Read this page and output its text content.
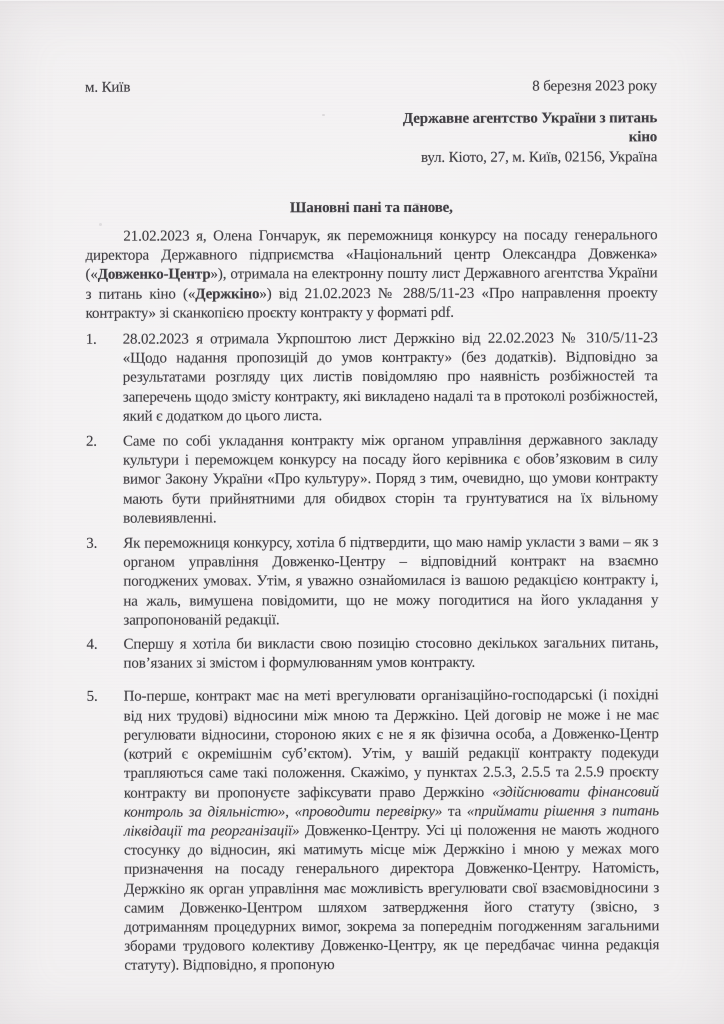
м. Київ	8 березня 2023 року
Державне агентство України з питань
кіно
вул. Кіото, 27, м. Київ, 02156, Україна
Шановні пані та панове,

21.02.2023 я, Олена Гончарук, як переможниця конкурсу на посаду генерального директора Державного підприємства «Національний центр Олександра Довженка» («Довженко-Центр»), отримала на електронну пошту лист Державного агентства України з питань кіно («Держкіно») від 21.02.2023 № 288/5/11-23 «Про направлення проекту контракту» зі сканкопією проєкту контракту у форматі pdf.

1.	28.02.2023 я отримала Укрпоштою лист Держкіно від 22.02.2023 № 310/5/11-23 «Щодо надання пропозицій до умов контракту» (без додатків). Відповідно за результатами розгляду цих листів повідомляю про наявність розбіжностей та заперечень щодо змісту контракту, які викладено надалі та в протоколі розбіжностей, який є додатком до цього листа.
2.	Саме по собі укладання контракту між органом управління державного закладу культури і переможцем конкурсу на посаду його керівника є обов’язковим в силу вимог Закону України «Про культуру». Поряд з тим, очевидно, що умови контракту мають бути прийнятними для обидвох сторін та грунтуватися на їх вільному волевиявленні.
3.	Як переможниця конкурсу, хотіла б підтвердити, що маю намір укласти з вами – як з органом управління Довженко-Центру – відповідний контракт на взаємно погоджених умовах. Утім, я уважно ознайомилася із вашою редакцією контракту і, на жаль, вимушена повідомити, що не можу погодитися на його укладання у запропонованій редакції.
4.	Спершу я хотіла би викласти свою позицію стосовно декількох загальних питань, пов’язаних зі змістом і формулюванням умов контракту.
5.	По-перше, контракт має на меті врегулювати організаційно-господарські (і похідні від них трудові) відносини між мною та Держкіно. Цей договір не може і не має регулювати відносини, стороною яких є не я як фізична особа, а Довженко-Центр (котрий є окремішнім суб’єктом). Утім, у вашій редакції контракту подекуди трапляються саме такі положення. Скажімо, у пунктах 2.5.3, 2.5.5 та 2.5.9 проєкту контракту ви пропонуєте зафіксувати право Держкіно «здійснювати фінансовий контроль за діяльністю», «проводити перевірку» та «приймати рішення з питань ліквідації та реорганізації» Довженко-Центру. Усі ці положення не мають жодного стосунку до відносин, які матимуть місце між Держкіно і мною у межах мого призначення на посаду генерального директора Довженко-Центру. Натомість, Держкіно як орган управління має можливість врегулювати свої взаємовідносини з самим Довженко-Центром шляхом затвердження його статуту (звісно, з дотриманням процедурних вимог, зокрема за попереднім погодженням загальними зборами трудового колективу Довженко-Центру, як це передбачає чинна редакція статуту). Відповідно, я пропоную
